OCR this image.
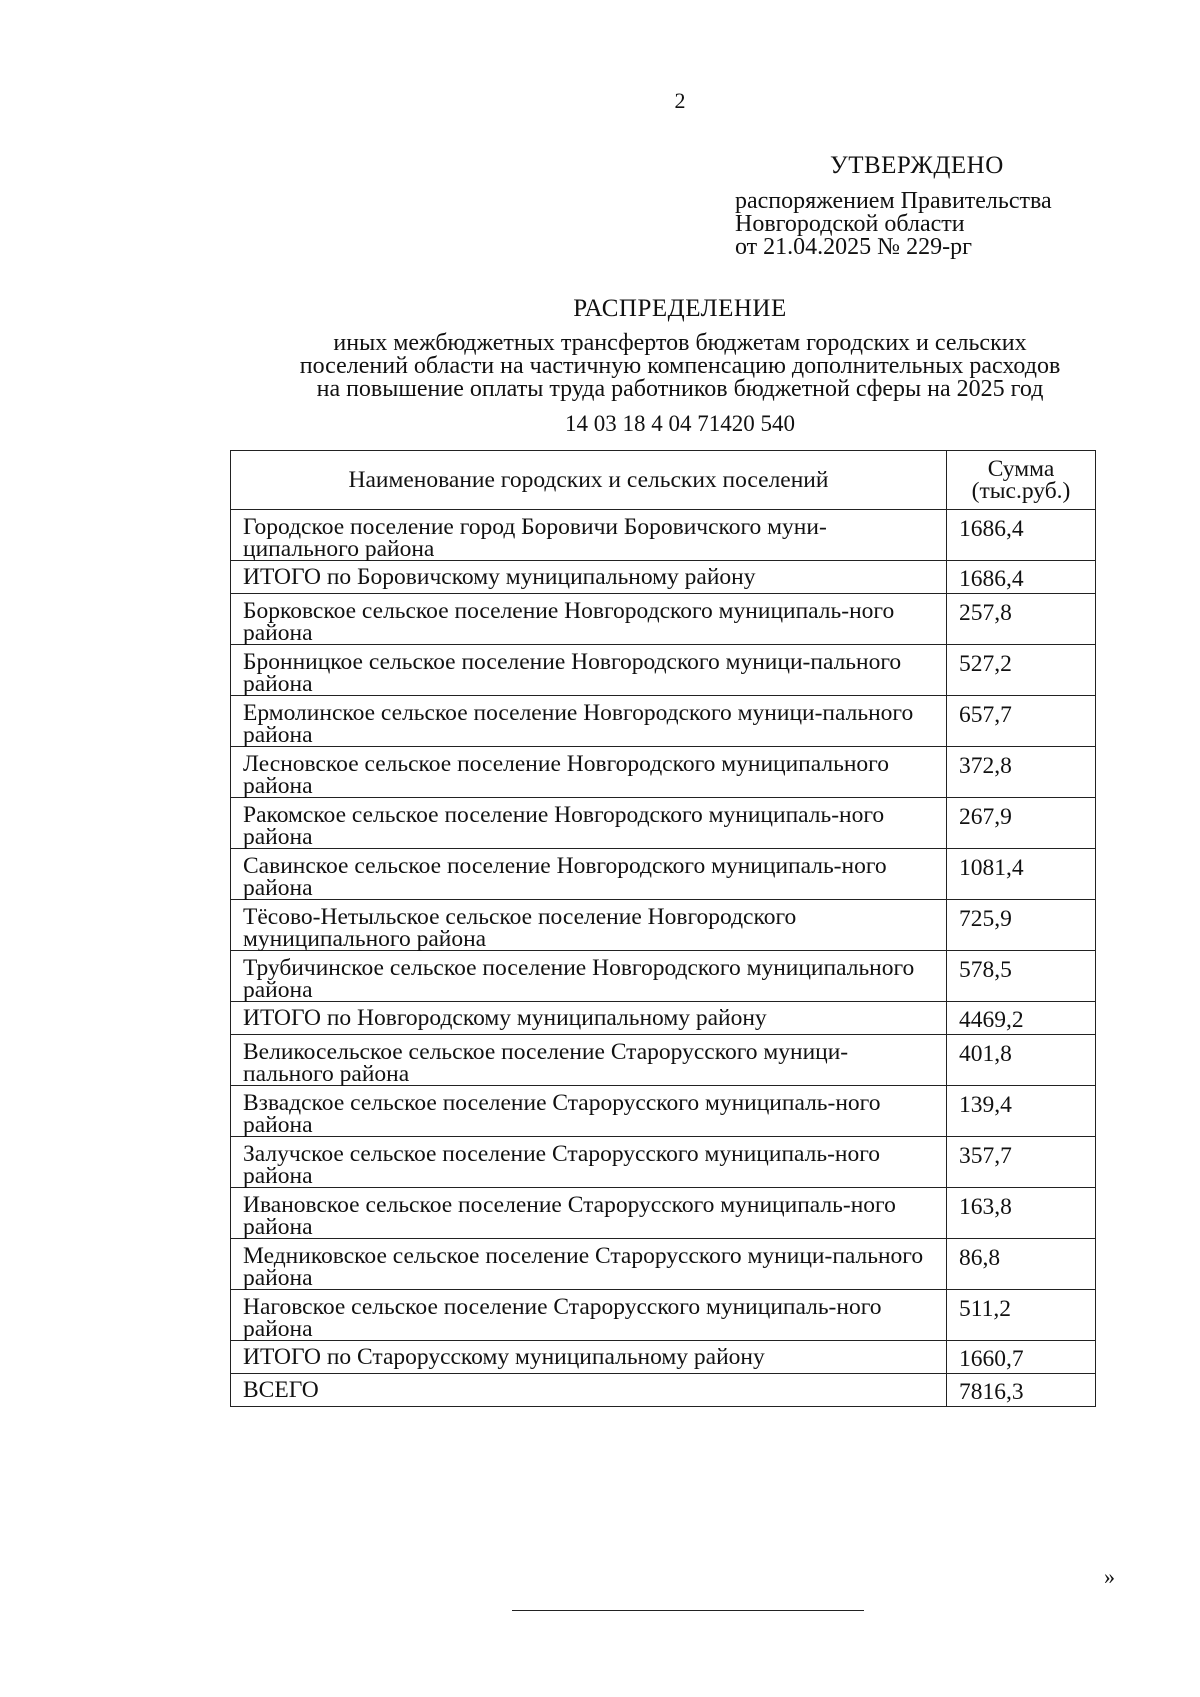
2
УТВЕРЖДЕНО
распоряжением Правительства
Новгородской области
от 21.04.2025 № 229-рг
РАСПРЕДЕЛЕНИЕ
иных межбюджетных трансфертов бюджетам городских и сельских
поселений области на частичную компенсацию дополнительных расходов
на повышение оплаты труда работников бюджетной сферы на 2025 год
14 03 18 4 04 71420 540
Наименование городских и сельских поселений	Сумма
(тыс.руб.)

Городское поселение город Боровичи Боровичского муни-ципального района	1686,4
ИТОГО по Боровичскому муниципальному району	1686,4
Борковское сельское поселение Новгородского муниципаль-ного района	257,8
Бронницкое сельское поселение Новгородского муници-пального района	527,2
Ермолинское сельское поселение Новгородского муници-пального района	657,7
Лесновское сельское поселение Новгородского муниципального района	372,8
Ракомское сельское поселение Новгородского муниципаль-ного района	267,9
Савинское сельское поселение Новгородского муниципаль-ного района	1081,4
Тёсово-Нетыльское сельское поселение Новгородского муниципального района	725,9
Трубичинское сельское поселение Новгородского муниципального района	578,5
ИТОГО по Новгородскому муниципальному району	4469,2
Великосельское сельское поселение Старорусского муници-пального района	401,8
Взвадское сельское поселение Старорусского муниципаль-ного района	139,4
Залучское сельское поселение Старорусского муниципаль-ного района	357,7
Ивановское сельское поселение Старорусского муниципаль-ного района	163,8
Медниковское сельское поселение Старорусского муници-пального района	86,8
Наговское сельское поселение Старорусского муниципаль-ного района	511,2
ИТОГО по Старорусскому муниципальному району	1660,7
ВСЕГО	7816,3
»
